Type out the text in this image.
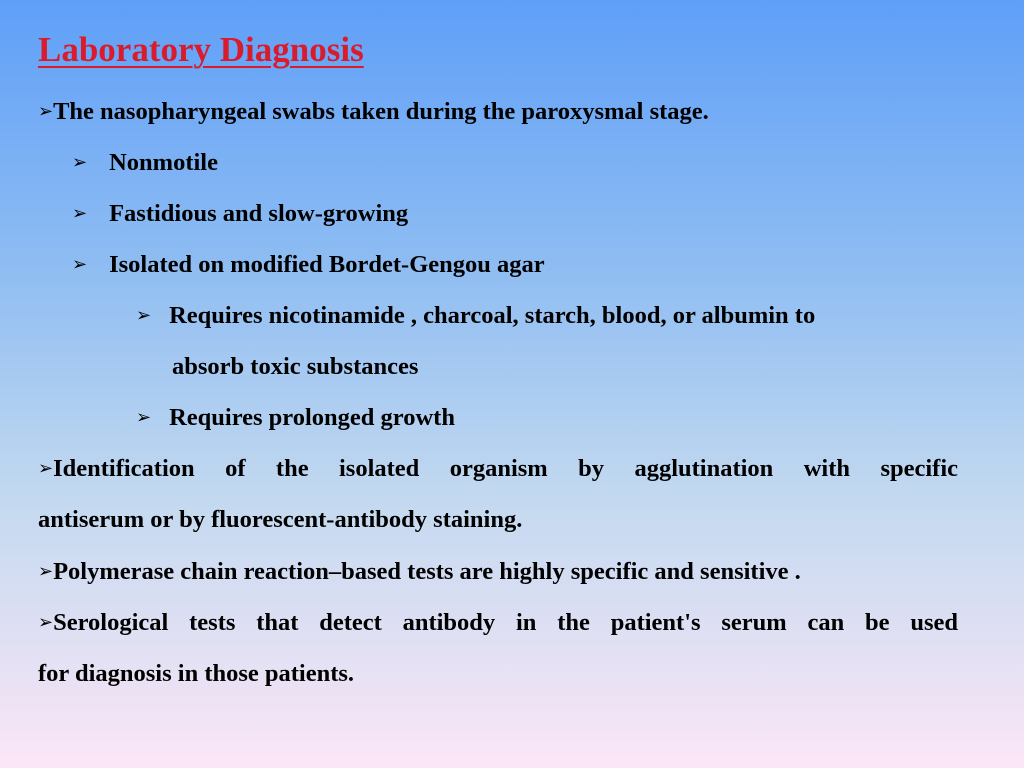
Laboratory Diagnosis
➢The nasopharyngeal swabs taken during the paroxysmal stage.
➢ Nonmotile
➢ Fastidious and slow-growing
➢ Isolated on modified Bordet-Gengou agar
➢ Requires nicotinamide , charcoal, starch, blood, or albumin to
absorb toxic substances
➢ Requires prolonged growth
➢Identification of the isolated organism by agglutination with specific
antiserum or by fluorescent-antibody staining.
➢Polymerase chain reaction–based tests are highly specific and sensitive .
➢Serological tests that detect antibody in the patient's serum can be used
for diagnosis in those patients.
